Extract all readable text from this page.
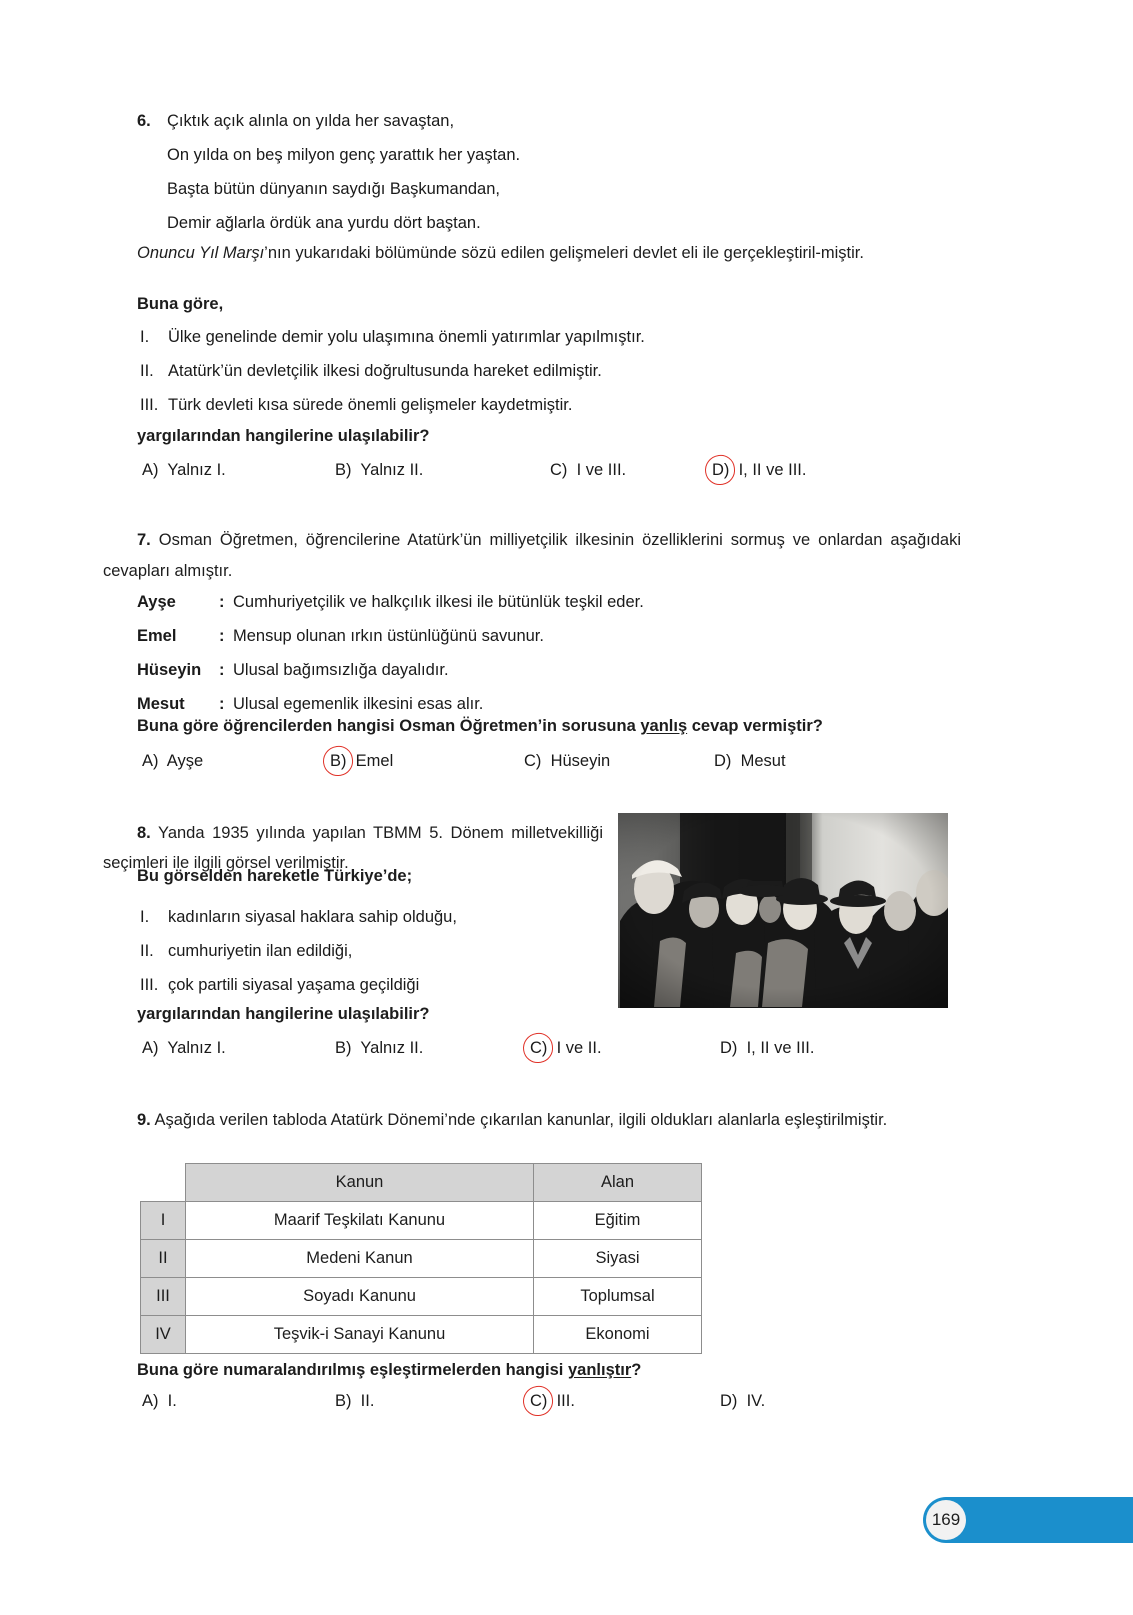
6. Çıktık açık alınla on yılda her savaştan,
On yılda on beş milyon genç yarattık her yaştan.
Başta bütün dünyanın saydığı Başkumandan,
Demir ağlarla ördük ana yurdu dört baştan.
Onuncu Yıl Marşı’nın yukarıdaki bölümünde sözü edilen gelişmeleri devlet eli ile gerçekleştiril-miştir.
Buna göre,
I.	Ülke genelinde demir yolu ulaşımına önemli yatırımlar yapılmıştır.
II. Atatürk’ün devletçilik ilkesi doğrultusunda hareket edilmiştir.
III. Türk devleti kısa sürede önemli gelişmeler kaydetmiştir.
yargılarından hangilerine ulaşılabilir?
A) Yalnız I.	B) Yalnız II.	C) I ve III.	D) I, II ve III.
7. Osman Öğretmen, öğrencilerine Atatürk’ün milliyetçilik ilkesinin özelliklerini sormuş ve onlardan aşağıdaki cevapları almıştır.
Ayşe	: Cumhuriyetçilik ve halkçılık ilkesi ile bütünlük teşkil eder.
Emel	: Mensup olunan ırkın üstünlüğünü savunur.
Hüseyin	: Ulusal bağımsızlığa dayalıdır.
Mesut	: Ulusal egemenlik ilkesini esas alır.
Buna göre öğrencilerden hangisi Osman Öğretmen’in sorusuna yanlış cevap vermiştir?
A) Ayşe	B) Emel	C) Hüseyin	D) Mesut
8. Yanda 1935 yılında yapılan TBMM 5. Dönem milletvekilliği seçimleri ile ilgili görsel verilmiştir.
Bu görselden hareketle Türkiye’de;
I.	kadınların siyasal haklara sahip olduğu,
II. cumhuriyetin ilan edildiği,
III. çok partili siyasal yaşama geçildiği
yargılarından hangilerine ulaşılabilir?
A) Yalnız I.	B) Yalnız II.	C) I ve II.	D) I, II ve III.
9. Aşağıda verilen tabloda Atatürk Dönemi’nde çıkarılan kanunlar, ilgili oldukları alanlarla eşleştirilmiştir.
	Kanun	Alan
I	Maarif Teşkilatı Kanunu	Eğitim
II	Medeni Kanun	Siyasi
III	Soyadı Kanunu	Toplumsal
IV	Teşvik-i Sanayi Kanunu	Ekonomi
Buna göre numaralandırılmış eşleştirmelerden hangisi yanlıştır?
A) I.	B) II.	C) III.	D) IV.
169
